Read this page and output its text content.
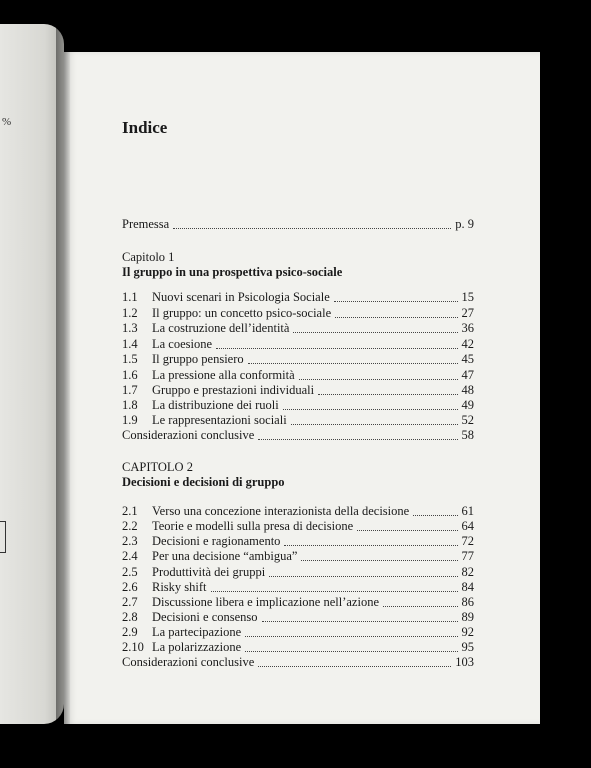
%	Indice
Premessa	p. 9
Capitolo 1
Il gruppo in una prospettiva psico-sociale
1.1	Nuovi scenari in Psicologia Sociale	15
1.2	Il gruppo: un concetto psico-sociale	27
1.3	La costruzione dell’identità	36
1.4	La coesione	42
1.5	Il gruppo pensiero	45
1.6	La pressione alla conformità	47
1.7	Gruppo e prestazioni individuali	48
1.8	La distribuzione dei ruoli	49
1.9	Le rappresentazioni sociali	52
Considerazioni conclusive	58
CAPITOLO 2
Decisioni e decisioni di gruppo
2.1	Verso una concezione interazionista della decisione	61
2.2	Teorie e modelli sulla presa di decisione	64
2.3	Decisioni e ragionamento	72
2.4	Per una decisione “ambigua”	77
2.5	Produttività dei gruppi	82
2.6	Risky shift	84
2.7	Discussione libera e implicazione nell’azione	86
2.8	Decisioni e consenso	89
2.9	La partecipazione	92
2.10 La polarizzazione	95
Considerazioni conclusive	103
